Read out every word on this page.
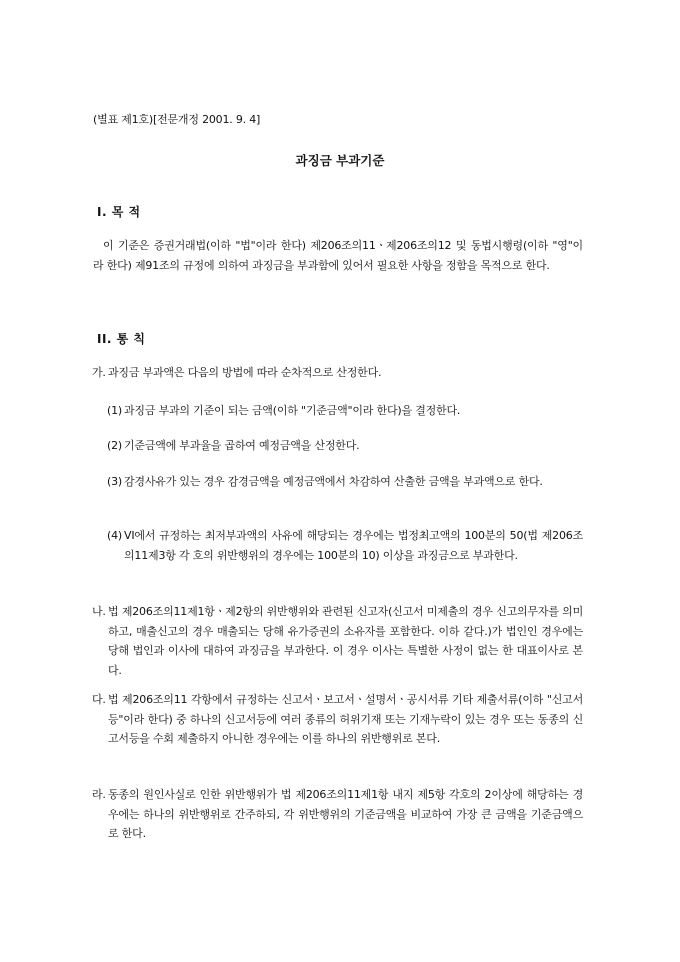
(별표 제1호)[전문개정 2001. 9. 4]
과징금 부과기준
I. 목 적
이 기준은 증권거래법(이하 "법"이라 한다) 제206조의11ㆍ제206조의12 및 동법시행령(이하 "영"이라 한다) 제91조의 규정에 의하여 과징금을 부과함에 있어서 필요한 사항을 정함을 목적으로 한다.
II. 통 칙
가. 과징금 부과액은 다음의 방법에 따라 순차적으로 산정한다.
(1) 과징금 부과의 기준이 되는 금액(이하 "기준금액"이라 한다)을 결정한다.
(2) 기준금액에 부과율을 곱하여 예정금액을 산정한다.
(3) 감경사유가 있는 경우 감경금액을 예정금액에서 차감하여 산출한 금액을 부과액으로 한다.
(4) VI에서 규정하는 최저부과액의 사유에 해당되는 경우에는 법정최고액의 100분의 50(법 제206조의11제3항 각 호의 위반행위의 경우에는 100분의 10) 이상을 과징금으로 부과한다.
나. 법 제206조의11제1항ㆍ제2항의 위반행위와 관련된 신고자(신고서 미제출의 경우 신고의무자를 의미하고, 매출신고의 경우 매출되는 당해 유가증권의 소유자를 포함한다. 이하 같다.)가 법인인 경우에는 당해 법인과 이사에 대하여 과징금을 부과한다. 이 경우 이사는 특별한 사정이 없는 한 대표이사로 본다.
다. 법 제206조의11 각항에서 규정하는 신고서ㆍ보고서ㆍ설명서ㆍ공시서류 기타 제출서류(이하 "신고서등"이라 한다) 중 하나의 신고서등에 여러 종류의 허위기재 또는 기재누락이 있는 경우 또는 동종의 신고서등을 수회 제출하지 아니한 경우에는 이를 하나의 위반행위로 본다.
라. 동종의 원인사실로 인한 위반행위가 법 제206조의11제1항 내지 제5항 각호의 2이상에 해당하는 경우에는 하나의 위반행위로 간주하되, 각 위반행위의 기준금액을 비교하여 가장 큰 금액을 기준금액으로 한다.
